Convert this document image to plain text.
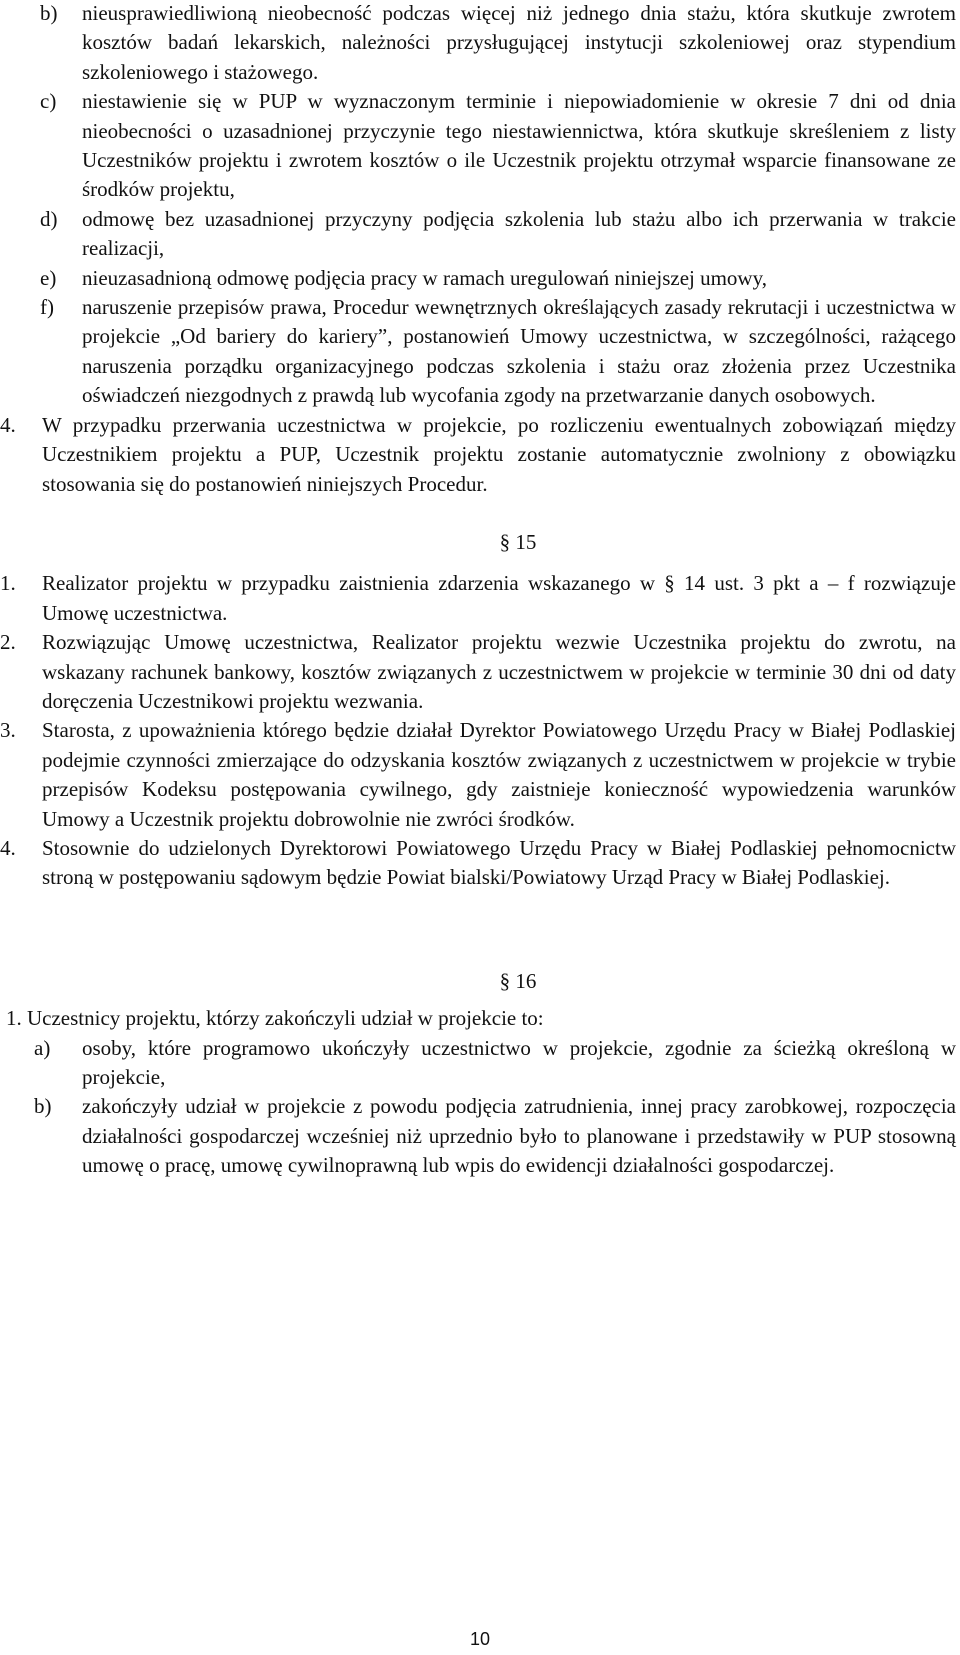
b)	nieusprawiedliwioną nieobecność podczas więcej niż jednego dnia stażu, która skutkuje zwrotem kosztów badań lekarskich, należności przysługującej instytucji szkoleniowej oraz stypendium szkoleniowego i stażowego.
c)	niestawienie się w PUP w wyznaczonym terminie i niepowiadomienie w okresie 7 dni od dnia nieobecności o uzasadnionej przyczynie tego niestawiennictwa, która skutkuje skreśleniem z listy Uczestników projektu i zwrotem kosztów o ile Uczestnik projektu otrzymał wsparcie finansowane ze środków projektu,
d)	odmowę bez uzasadnionej przyczyny podjęcia szkolenia lub stażu albo ich przerwania w trakcie realizacji,
e)	nieuzasadnioną odmowę podjęcia pracy w ramach uregulowań niniejszej umowy,
f)	naruszenie przepisów prawa, Procedur wewnętrznych określających zasady rekrutacji i uczestnictwa w projekcie „Od bariery do kariery”, postanowień Umowy uczestnictwa, w szczególności, rażącego naruszenia porządku organizacyjnego podczas szkolenia i stażu oraz złożenia przez Uczestnika oświadczeń niezgodnych z prawdą lub wycofania zgody na przetwarzanie danych osobowych.
4.	W przypadku przerwania uczestnictwa w projekcie, po rozliczeniu ewentualnych zobowiązań między Uczestnikiem projektu a PUP, Uczestnik projektu zostanie automatycznie zwolniony z obowiązku stosowania się do postanowień niniejszych Procedur.
§ 15
1.	Realizator projektu w przypadku zaistnienia zdarzenia wskazanego w § 14 ust. 3 pkt a – f rozwiązuje Umowę uczestnictwa.
2.	Rozwiązując Umowę uczestnictwa, Realizator projektu wezwie Uczestnika projektu do zwrotu, na wskazany rachunek bankowy, kosztów związanych z uczestnictwem w projekcie w terminie 30 dni od daty doręczenia Uczestnikowi projektu wezwania.
3.	Starosta, z upoważnienia którego będzie działał Dyrektor Powiatowego Urzędu Pracy w Białej Podlaskiej podejmie czynności zmierzające do odzyskania kosztów związanych z uczestnictwem w projekcie w trybie przepisów Kodeksu postępowania cywilnego, gdy zaistnieje konieczność wypowiedzenia warunków Umowy a Uczestnik projektu dobrowolnie nie zwróci środków.
4.	Stosownie do udzielonych Dyrektorowi Powiatowego Urzędu Pracy w Białej Podlaskiej pełnomocnictw stroną w postępowaniu sądowym będzie Powiat bialski/Powiatowy Urząd Pracy w Białej Podlaskiej.
§ 16
1. Uczestnicy projektu, którzy zakończyli udział w projekcie to:
a)	osoby, które programowo ukończyły uczestnictwo w projekcie, zgodnie za ścieżką określoną w projekcie,
b)	zakończyły udział w projekcie z powodu podjęcia zatrudnienia, innej pracy zarobkowej, rozpoczęcia działalności gospodarczej wcześniej niż uprzednio było to planowane i przedstawiły w PUP stosowną umowę o pracę, umowę cywilnoprawną lub wpis do ewidencji działalności gospodarczej.
10
